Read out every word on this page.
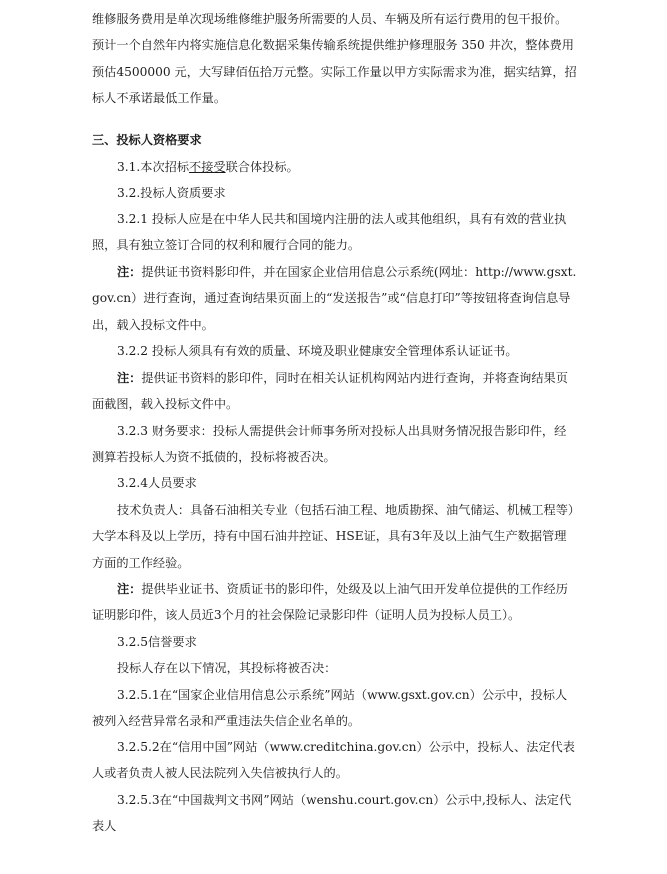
维修服务费用是单次现场维修维护服务所需要的人员、车辆及所有运行费用的包干报价。预计一个自然年内将实施信息化数据采集传输系统提供维护修理服务 350 井次，整体费用预估4500000 元，大写肆佰伍拾万元整。实际工作量以甲方实际需求为准，据实结算，招标人不承诺最低工作量。

三、投标人资格要求

3.1.本次招标不接受联合体投标。

3.2.投标人资质要求

3.2.1 投标人应是在中华人民共和国境内注册的法人或其他组织，具有有效的营业执照，具有独立签订合同的权利和履行合同的能力。

注：提供证书资料影印件，并在国家企业信用信息公示系统(网址：http://www.gsxt.gov.cn）进行查询，通过查询结果页面上的“发送报告”或“信息打印”等按钮将查询信息导出，载入投标文件中。

3.2.2 投标人须具有有效的质量、环境及职业健康安全管理体系认证证书。

注：提供证书资料的影印件，同时在相关认证机构网站内进行查询，并将查询结果页面截图，载入投标文件中。

3.2.3 财务要求：投标人需提供会计师事务所对投标人出具财务情况报告影印件，经测算若投标人为资不抵债的，投标将被否决。

3.2.4人员要求

技术负责人：具备石油相关专业（包括石油工程、地质勘探、油气储运、机械工程等）大学本科及以上学历，持有中国石油井控证、HSE证，具有3年及以上油气生产数据管理方面的工作经验。

注：提供毕业证书、资质证书的影印件，处级及以上油气田开发单位提供的工作经历证明影印件，该人员近3个月的社会保险记录影印件（证明人员为投标人员工）。

3.2.5信誉要求

投标人存在以下情况，其投标将被否决：

3.2.5.1在“国家企业信用信息公示系统”网站（www.gsxt.gov.cn）公示中，投标人被列入经营异常名录和严重违法失信企业名单的。

3.2.5.2在“信用中国”网站（www.creditchina.gov.cn）公示中，投标人、法定代表人或者负责人被人民法院列入失信被执行人的。

3.2.5.3在“中国裁判文书网”网站（wenshu.court.gov.cn）公示中,投标人、法定代表人
